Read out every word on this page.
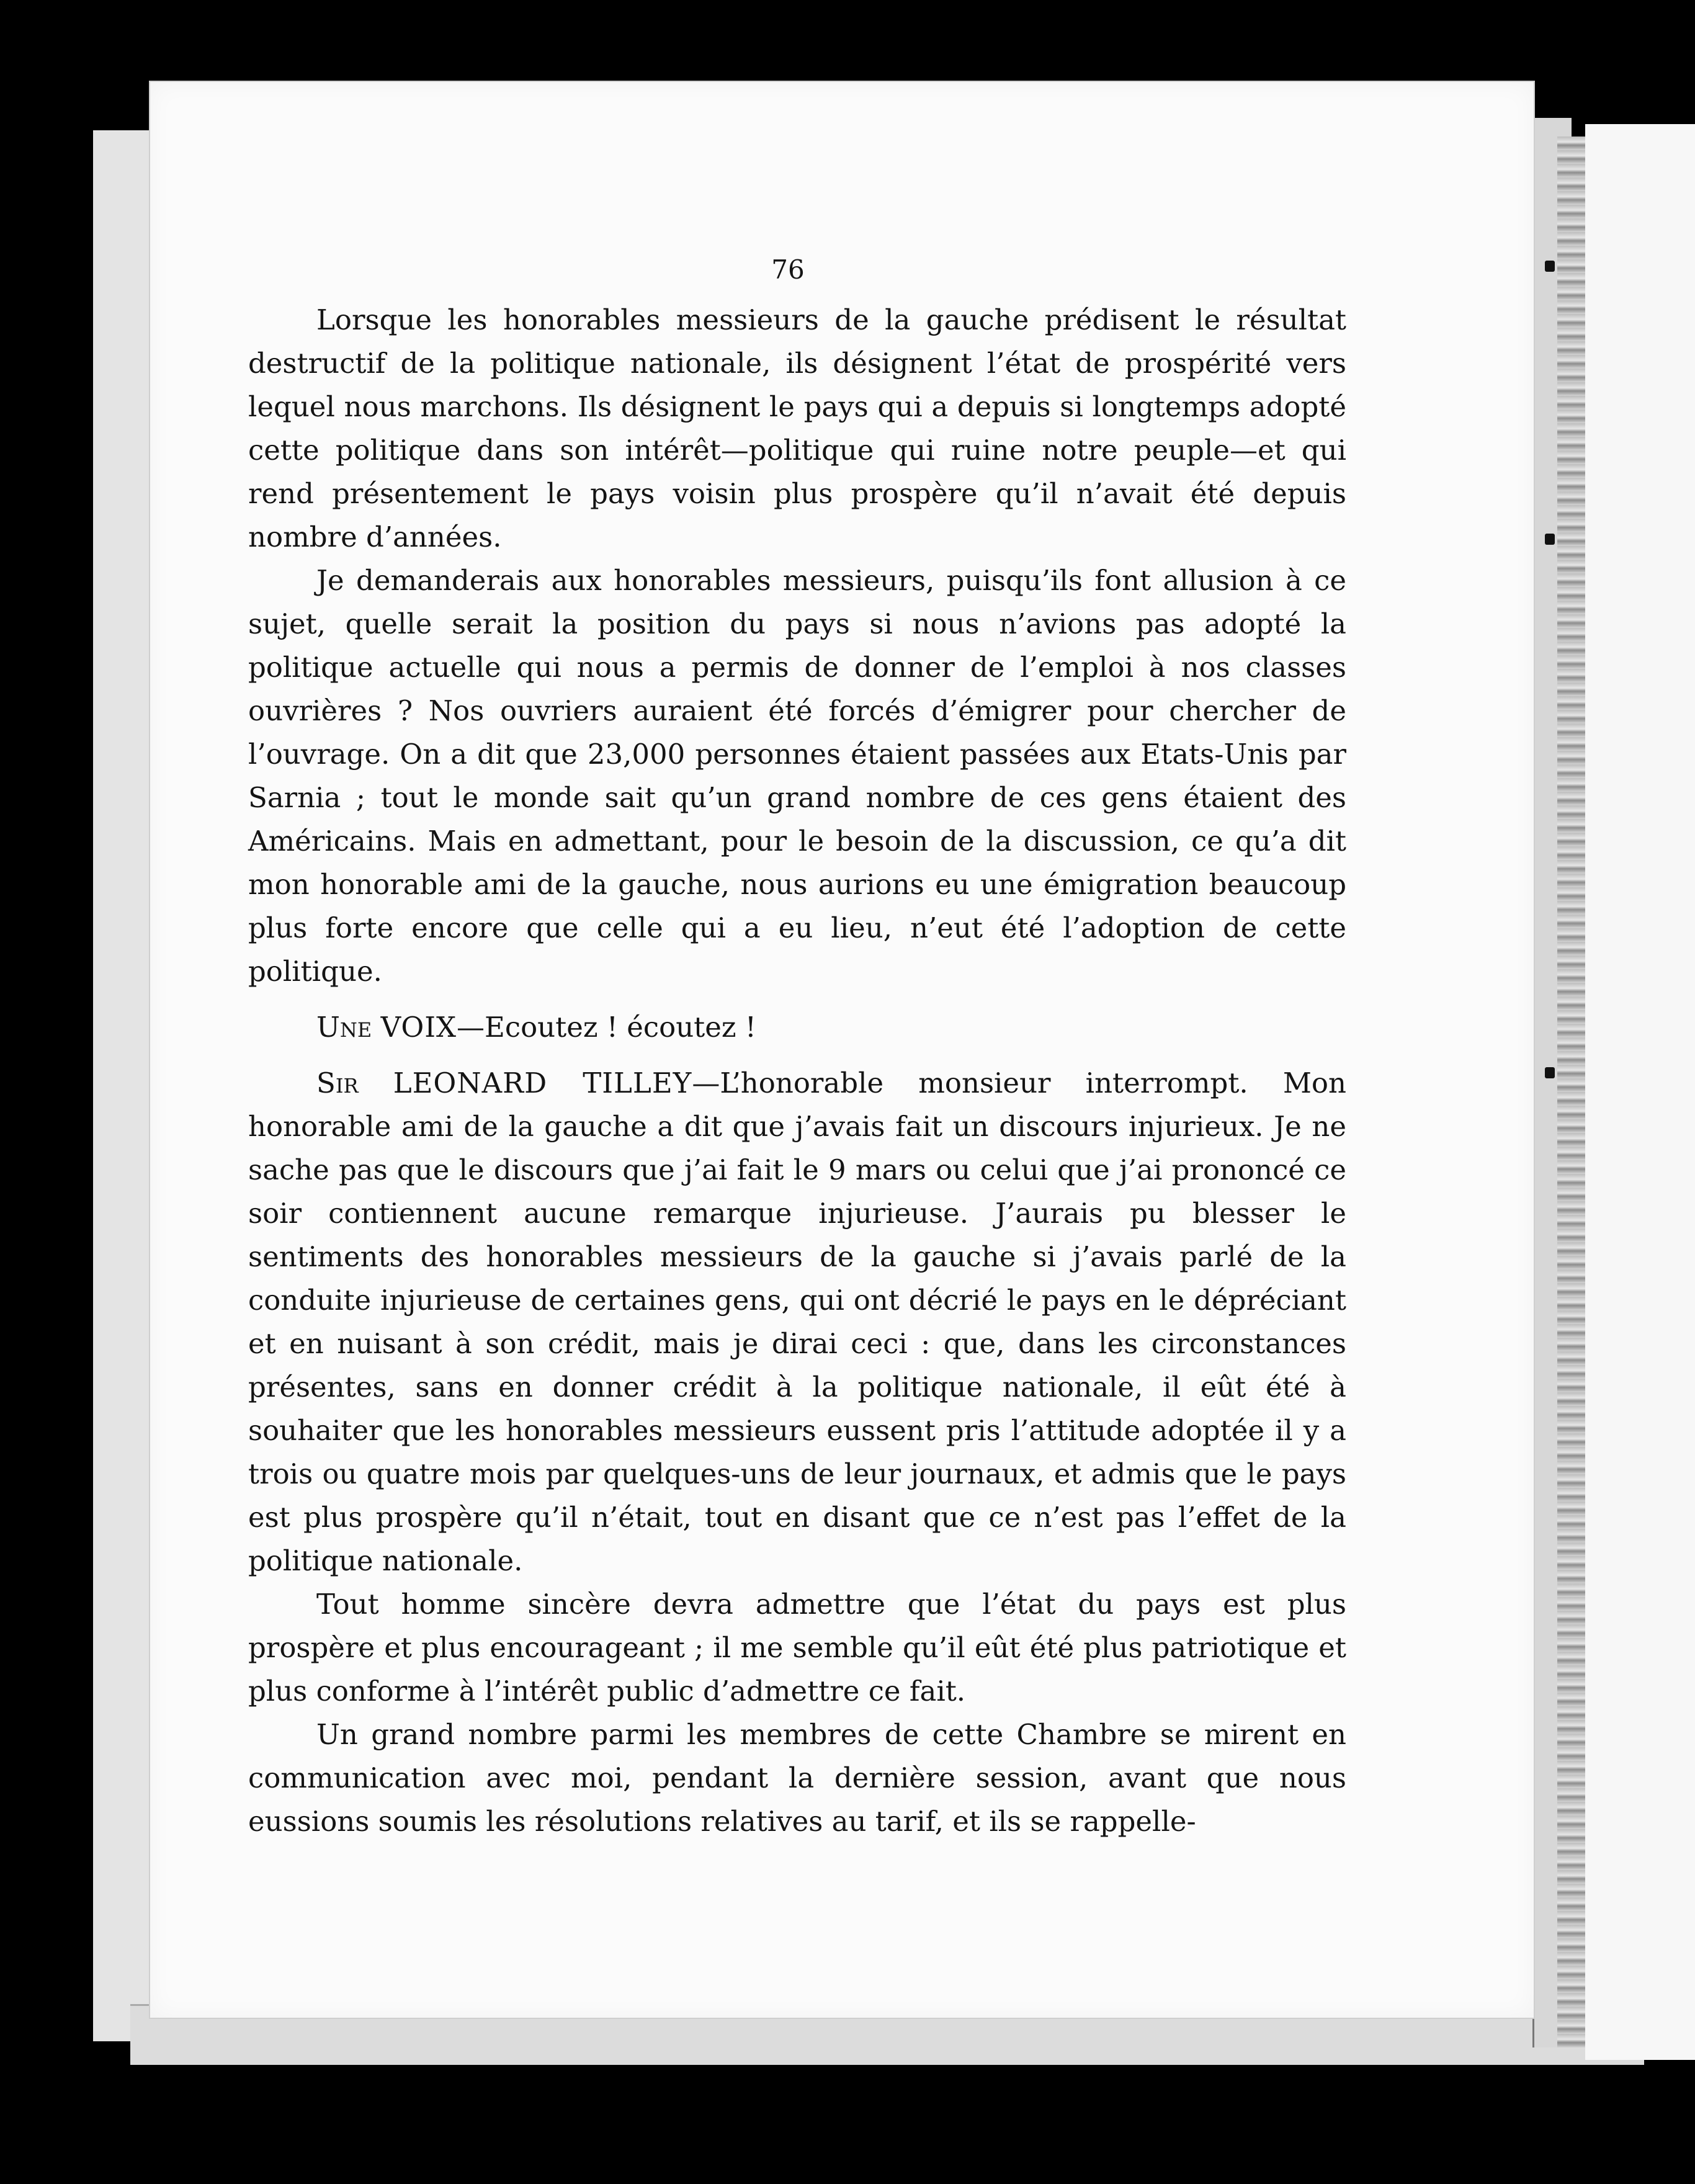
76

Lorsque les honorables messieurs de la gauche prédisent le résultat destructif de la politique nationale, ils désignent l’état de prospérité vers lequel nous marchons. Ils désignent le pays qui a depuis si longtemps adopté cette politique dans son intérêt—politique qui ruine notre peuple—et qui rend présentement le pays voisin plus prospère qu’il n’avait été depuis nombre d’années.

Je demanderais aux honorables messieurs, puisqu’ils font allusion à ce sujet, quelle serait la position du pays si nous n’avions pas adopté la politique actuelle qui nous a permis de donner de l’emploi à nos classes ouvrières ? Nos ouvriers auraient été forcés d’émigrer pour chercher de l’ouvrage. On a dit que 23,000 personnes étaient passées aux Etats-Unis par Sarnia ; tout le monde sait qu’un grand nombre de ces gens étaient des Américains. Mais en admettant, pour le besoin de la discussion, ce qu’a dit mon honorable ami de la gauche, nous aurions eu une émigration beaucoup plus forte encore que celle qui a eu lieu, n’eut été l’adoption de cette politique.

Une VOIX—Ecoutez ! écoutez !

Sir LEONARD TILLEY—L’honorable monsieur interrompt. Mon honorable ami de la gauche a dit que j’avais fait un discours injurieux. Je ne sache pas que le discours que j’ai fait le 9 mars ou celui que j’ai prononcé ce soir contiennent aucune remarque injurieuse. J’aurais pu blesser le sentiments des honorables messieurs de la gauche si j’avais parlé de la conduite injurieuse de certaines gens, qui ont décrié le pays en le dépréciant et en nuisant à son crédit, mais je dirai ceci : que, dans les circonstances présentes, sans en donner crédit à la politique nationale, il eût été à souhaiter que les honorables messieurs eussent pris l’attitude adoptée il y a trois ou quatre mois par quelques-uns de leur journaux, et admis que le pays est plus prospère qu’il n’était, tout en disant que ce n’est pas l’effet de la politique nationale.

Tout homme sincère devra admettre que l’état du pays est plus prospère et plus encourageant ; il me semble qu’il eût été plus patriotique et plus conforme à l’intérêt public d’admettre ce fait.

Un grand nombre parmi les membres de cette Chambre se mirent en communication avec moi, pendant la dernière session, avant que nous eussions soumis les résolutions relatives au tarif, et ils se rappelle-
